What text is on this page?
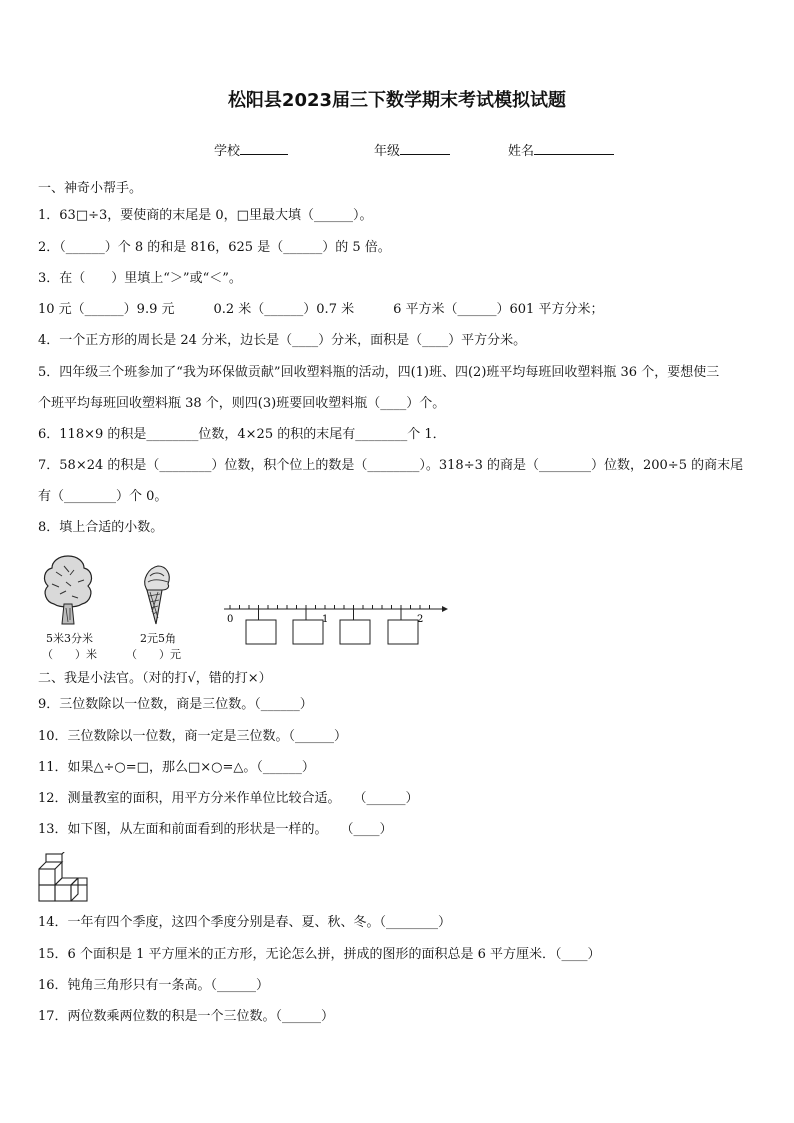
松阳县2023届三下数学期末考试模拟试题
学校	年级	姓名
一、神奇小帮手。
1．63□÷3，要使商的末尾是 0，□里最大填（______）。
2．（______）个 8 的和是 816，625 是（______）的 5 倍。
3．在（　　）里填上“＞”或“＜”。
10 元（______）9.9 元　　　0.2 米（______）0.7 米　　　6 平方米（______）601 平方分米；
4．一个正方形的周长是 24 分米，边长是（____）分米，面积是（____）平方分米。
5．四年级三个班参加了“我为环保做贡献”回收塑料瓶的活动，四(1)班、四(2)班平均每班回收塑料瓶 36 个，要想使三
个班平均每班回收塑料瓶 38 个，则四(3)班要回收塑料瓶（____）个。
6．118×9 的积是________位数，4×25 的积的末尾有________个 1．
7．58×24 的积是（________）位数，积个位上的数是（________）。318÷3 的商是（________）位数，200÷5 的商末尾
有（________）个 0。
8．填上合适的小数。
5米3分米
（　　）米
2元5角
（　　）元
0	1	2
二、我是小法官。（对的打√，错的打×）
9．三位数除以一位数，商是三位数。（______）
10．三位数除以一位数，商一定是三位数。（______）
11．如果△÷○=□，那么□×○=△。（______）
12．测量教室的面积，用平方分米作单位比较合适。　　（______）
13．如下图，从左面和前面看到的形状是一样的。　　（____）
14．一年有四个季度，这四个季度分别是春、夏、秋、冬。（________）
15．6 个面积是 1 平方厘米的正方形，无论怎么拼，拼成的图形的面积总是 6 平方厘米．（____）
16．钝角三角形只有一条高。（______）
17．两位数乘两位数的积是一个三位数。（______）
